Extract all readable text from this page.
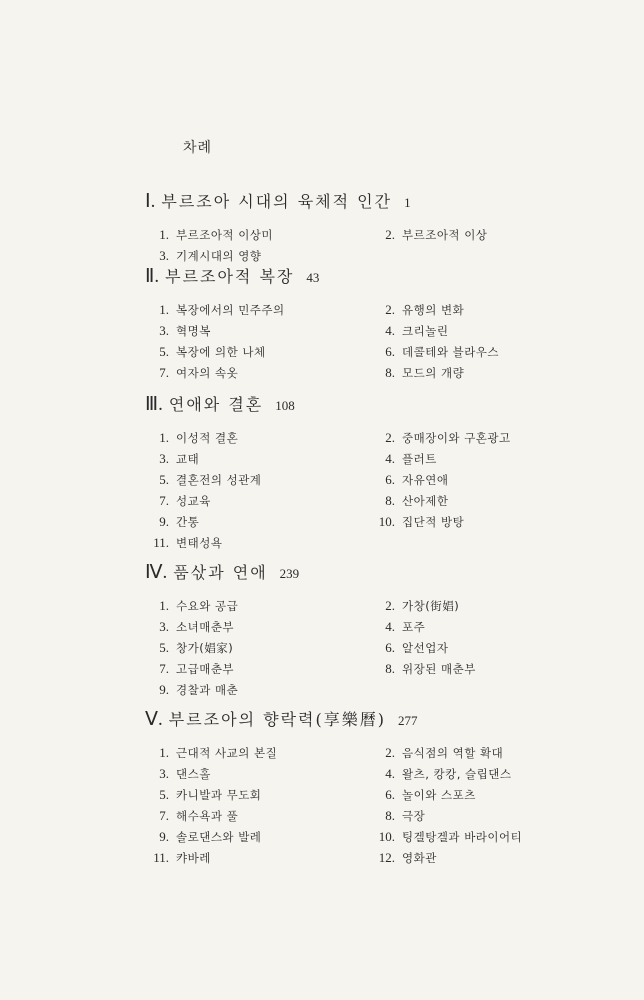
차례
Ⅰ. 부르조아 시대의 육체적 인간 1
1. 부르조아적 이상미	2. 부르조아적 이상
3. 기계시대의 영향
Ⅱ. 부르조아적 복장 43
1. 복장에서의 민주주의	2. 유행의 변화
3. 혁명복	4. 크리놀린
5. 복장에 의한 나체	6. 데콜테와 블라우스
7. 여자의 속옷	8. 모드의 개량
Ⅲ. 연애와 결혼 108
1. 이성적 결혼	2. 중매장이와 구혼광고
3. 교태	4. 플러트
5. 결혼전의 성관계	6. 자유연애
7. 성교육	8. 산아제한
9. 간통	10. 집단적 방탕
11. 변태성욕
Ⅳ. 품삯과 연애 239
1. 수요와 공급	2. 가창(街娼)
3. 소녀매춘부	4. 포주
5. 창가(娼家)	6. 알선업자
7. 고급매춘부	8. 위장된 매춘부
9. 경찰과 매춘
Ⅴ. 부르조아의 향락력(享樂曆) 277
1. 근대적 사교의 본질	2. 음식점의 역할 확대
3. 댄스홀	4. 왈츠, 캉캉, 슬립댄스
5. 카니발과 무도회	6. 놀이와 스포츠
7. 해수욕과 풀	8. 극장
9. 솔로댄스와 발레	10. 팅겔탕겔과 바라이어티
11. 캬바레	12. 영화관
